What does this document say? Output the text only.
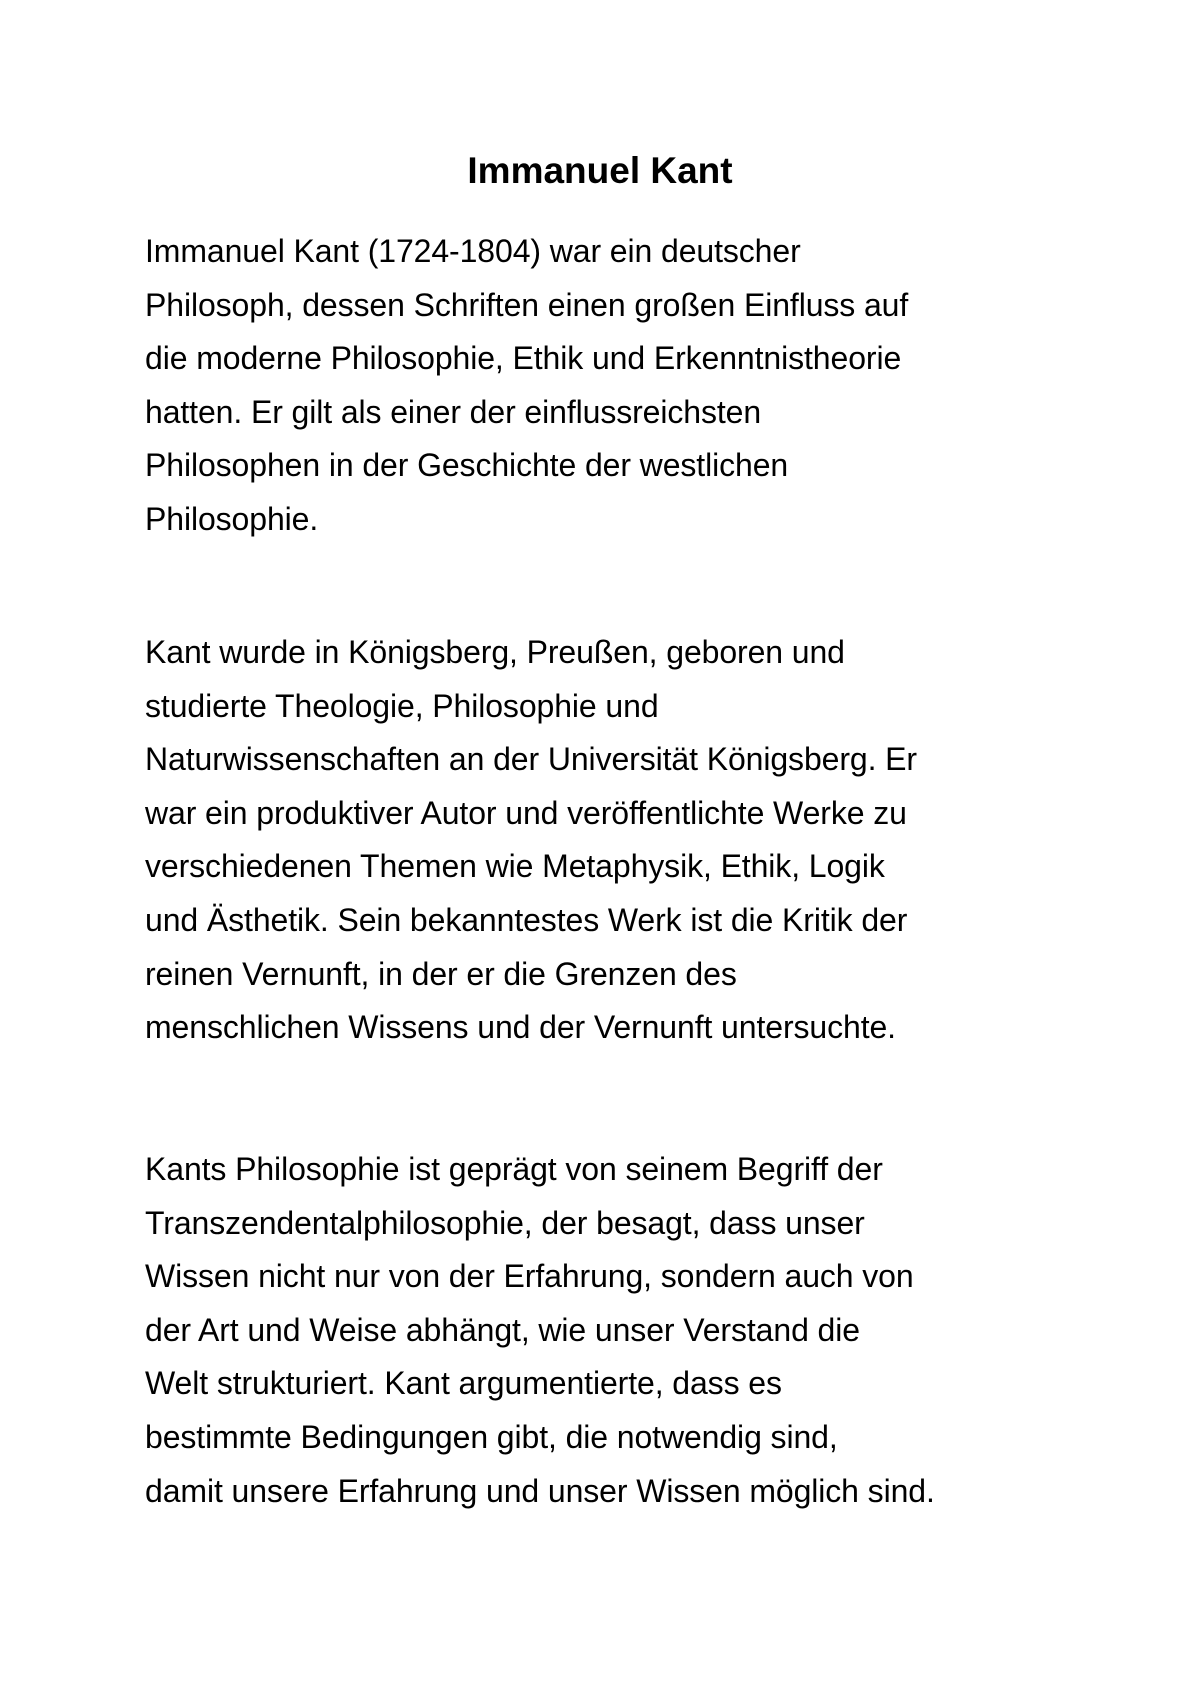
Immanuel Kant
Immanuel Kant (1724-1804) war ein deutscher
Philosoph, dessen Schriften einen großen Einfluss auf
die moderne Philosophie, Ethik und Erkenntnistheorie
hatten. Er gilt als einer der einflussreichsten
Philosophen in der Geschichte der westlichen
Philosophie.
Kant wurde in Königsberg, Preußen, geboren und
studierte Theologie, Philosophie und
Naturwissenschaften an der Universität Königsberg. Er
war ein produktiver Autor und veröffentlichte Werke zu
verschiedenen Themen wie Metaphysik, Ethik, Logik
und Ästhetik. Sein bekanntestes Werk ist die Kritik der
reinen Vernunft, in der er die Grenzen des
menschlichen Wissens und der Vernunft untersuchte.
Kants Philosophie ist geprägt von seinem Begriff der
Transzendentalphilosophie, der besagt, dass unser
Wissen nicht nur von der Erfahrung, sondern auch von
der Art und Weise abhängt, wie unser Verstand die
Welt strukturiert. Kant argumentierte, dass es
bestimmte Bedingungen gibt, die notwendig sind,
damit unsere Erfahrung und unser Wissen möglich sind.
